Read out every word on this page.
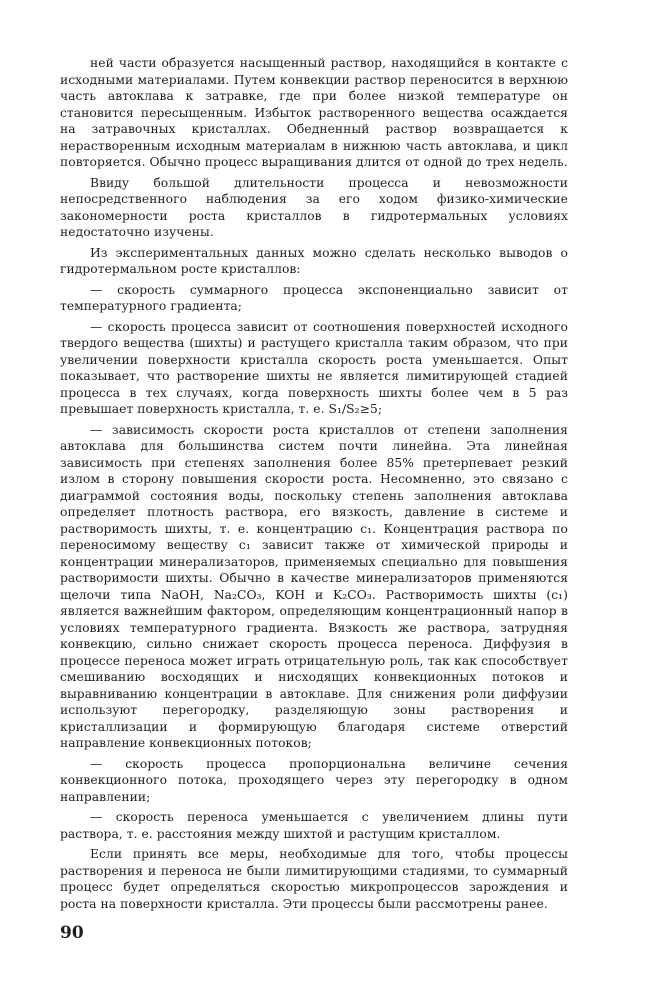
ней части образуется насыщенный раствор, находящийся в контакте с исходными материалами. Путем конвекции раствор переносится в верхнюю часть автоклава к затравке, где при более низкой температуре он становится пересыщенным. Избыток растворенного вещества осаждается на затравочных кристаллах. Обедненный раствор возвращается к нерастворенным исходным материалам в нижнюю часть автоклава, и цикл повторяется. Обычно процесс выращивания длится от одной до трех недель.

Ввиду большой длительности процесса и невозможности непосредственного наблюдения за его ходом физико-химические закономерности роста кристаллов в гидротермальных условиях недостаточно изучены.

Из экспериментальных данных можно сделать несколько выводов о гидротермальном росте кристаллов:

— скорость суммарного процесса экспоненциально зависит от температурного градиента;

— скорость процесса зависит от соотношения поверхностей исходного твердого вещества (шихты) и растущего кристалла таким образом, что при увеличении поверхности кристалла скорость роста уменьшается. Опыт показывает, что растворение шихты не является лимитирующей стадией процесса в тех случаях, когда поверхность шихты более чем в 5 раз превышает поверхность кристалла, т. е. S₁/S₂≥5;

— зависимость скорости роста кристаллов от степени заполнения автоклава для большинства систем почти линейна. Эта линейная зависимость при степенях заполнения более 85% претерпевает резкий излом в сторону повышения скорости роста. Несомненно, это связано с диаграммой состояния воды, поскольку степень заполнения автоклава определяет плотность раствора, его вязкость, давление в системе и растворимость шихты, т. е. концентрацию c₁. Концентрация раствора по переносимому веществу c₁ зависит также от химической природы и концентрации минерализаторов, применяемых специально для повышения растворимости шихты. Обычно в качестве минерализаторов применяются щелочи типа NaOH, Na₂CO₃, KOH и K₂CO₃. Растворимость шихты (c₁) является важнейшим фактором, определяющим концентрационный напор в условиях температурного градиента. Вязкость же раствора, затрудняя конвекцию, сильно снижает скорость процесса переноса. Диффузия в процессе переноса может играть отрицательную роль, так как способствует смешиванию восходящих и нисходящих конвекционных потоков и выравниванию концентрации в автоклаве. Для снижения роли диффузии используют перегородку, разделяющую зоны растворения и кристаллизации и формирующую благодаря системе отверстий направление конвекционных потоков;

— скорость процесса пропорциональна величине сечения конвекционного потока, проходящего через эту перегородку в одном направлении;

— скорость переноса уменьшается с увеличением длины пути раствора, т. е. расстояния между шихтой и растущим кристаллом.

Если принять все меры, необходимые для того, чтобы процессы растворения и переноса не были лимитирующими стадиями, то суммарный процесс будет определяться скоростью микропроцессов зарождения и роста на поверхности кристалла. Эти процессы были рассмотрены ранее.

90
